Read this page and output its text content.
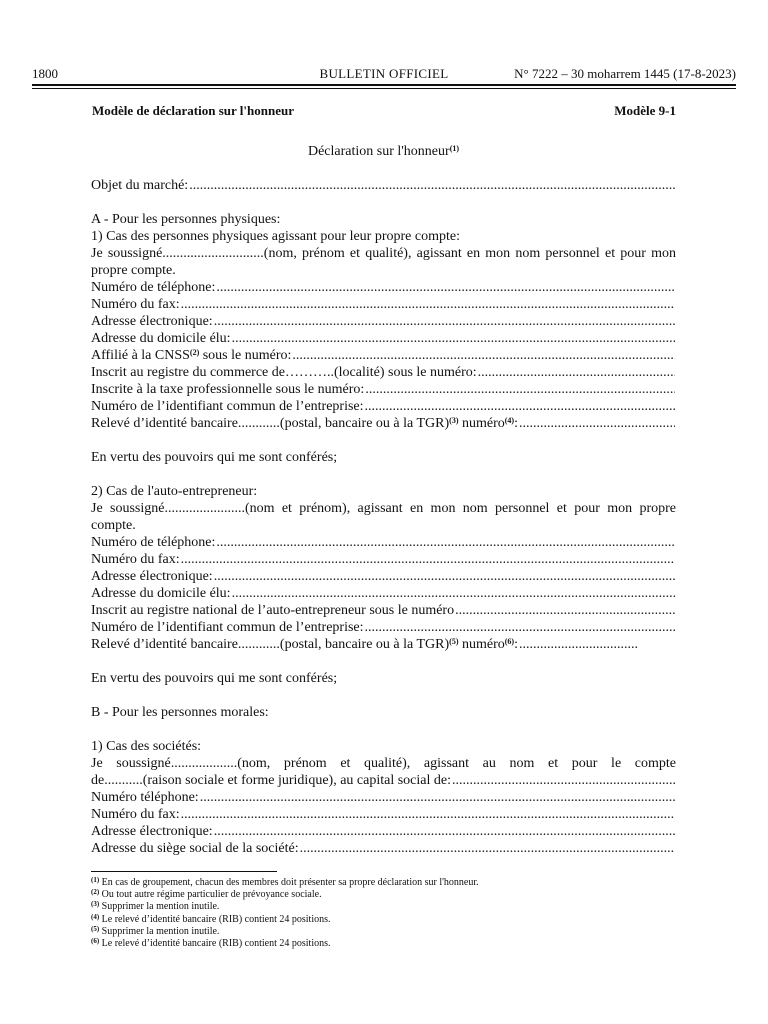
1800	BULLETIN OFFICIEL	N° 7222 – 30 moharrem 1445 (17-8-2023)
Modèle de déclaration sur l'honneur	Modèle 9-1
Déclaration sur l'honneur$^{(1)}$
Objet du marché:
.....
A - Pour les personnes physiques:
1) Cas des personnes physiques agissant pour leur propre compte:
Je soussigné.............................(nom, prénom et qualité), agissant en mon nom personnel et pour mon propre compte.
Numéro de téléphone:
.....
Numéro du fax:
.....
Adresse électronique:
.....
Adresse du domicile élu:
.....
Affilié à la CNSS$^{(2)}$ sous le numéro:
.....
Inscrit au registre du commerce de………..(localité) sous le numéro:
.....
Inscrite à la taxe professionnelle sous le numéro:
.....
Numéro de l’identifiant commun de l’entreprise:
.....
Relevé d’identité bancaire............(postal, bancaire ou à la TGR)$^{(3)}$ numéro$^{(4)}$:
.....
En vertu des pouvoirs qui me sont conférés;
2) Cas de l'auto-entrepreneur:
Je soussigné.......................(nom et prénom), agissant en mon nom personnel et pour mon propre compte.
Numéro de téléphone:
.....
Numéro du fax:
.....
Adresse électronique:
.....
Adresse du domicile élu:
.....
Inscrit au registre national de l’auto-entrepreneur sous le numéro
.....
Numéro de l’identifiant commun de l’entreprise:
.....
Relevé d’identité bancaire............(postal, bancaire ou à la TGR)$^{(5)}$ numéro$^{(6)}$:
.....
En vertu des pouvoirs qui me sont conférés;
B - Pour les personnes morales:
1) Cas des sociétés:
Je soussigné...................(nom, prénom et qualité), agissant au nom et pour le compte
de...........(raison sociale et forme juridique), au capital social de:
.....
Numéro téléphone:
.....
Numéro du fax:
.....
Adresse électronique:
.....
Adresse du siège social de la société:
.....
$^{(1)}$ En cas de groupement, chacun des membres doit présenter sa propre déclaration sur l'honneur.
$^{(2)}$ Ou tout autre régime particulier de prévoyance sociale.
$^{(3)}$ Supprimer la mention inutile.
$^{(4)}$ Le relevé d’identité bancaire (RIB) contient 24 positions.
$^{(5)}$ Supprimer la mention inutile.
$^{(6)}$ Le relevé d’identité bancaire (RIB) contient 24 positions.
